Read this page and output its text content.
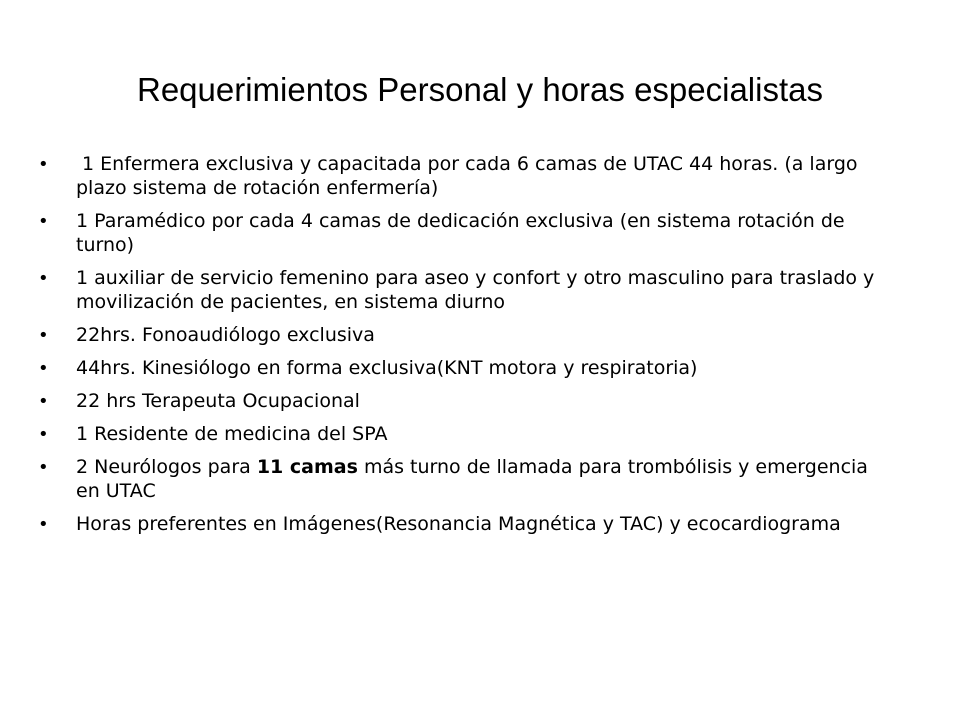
Requerimientos Personal y horas especialistas
• 1 Enfermera exclusiva y capacitada por cada 6 camas de UTAC 44 horas. (a largo plazo sistema de rotación enfermería)
• 1 Paramédico por cada 4 camas de dedicación exclusiva (en sistema rotación de turno)
• 1 auxiliar de servicio femenino para aseo y confort y otro masculino para traslado y movilización de pacientes, en sistema diurno
• 22hrs. Fonoaudiólogo exclusiva
• 44hrs. Kinesiólogo en forma exclusiva(KNT motora y respiratoria)
• 22 hrs Terapeuta Ocupacional
• 1 Residente de medicina del SPA
• 2 Neurólogos para 11 camas más turno de llamada para trombólisis y emergencia en UTAC
• Horas preferentes en Imágenes(Resonancia Magnética y TAC) y ecocardiograma
